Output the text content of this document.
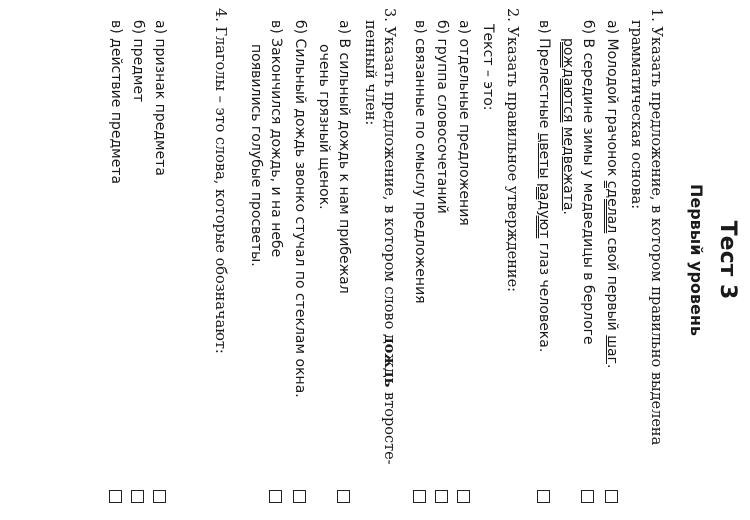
Тест 3
Первый уровень
1. Указать предложение, в котором правильно выделена
грамматическая основа:
а) Молодой грачонок сделал свой первый шаг.
б) В середине зимы у медведицы в берлоге
рождаются медвежата.
в) Прелестные цветы радуют глаз человека.
2. Указать правильное утверждение:
Текст – это:
а) отдельные предложения
б) группа словосочетаний
в) связанные по смыслу предложения
3. Указать предложение, в котором слово дождь второсте-
пенный член:
а) В сильный дождь к нам прибежал
очень грязный щенок.
б) Сильный дождь звонко стучал по стеклам окна.
в) Закончился дождь, и на небе
появились голубые просветы.
4. Глаголы – это слова, которые обозначают:
а) признак предмета
б) предмет
в) действие предмета
